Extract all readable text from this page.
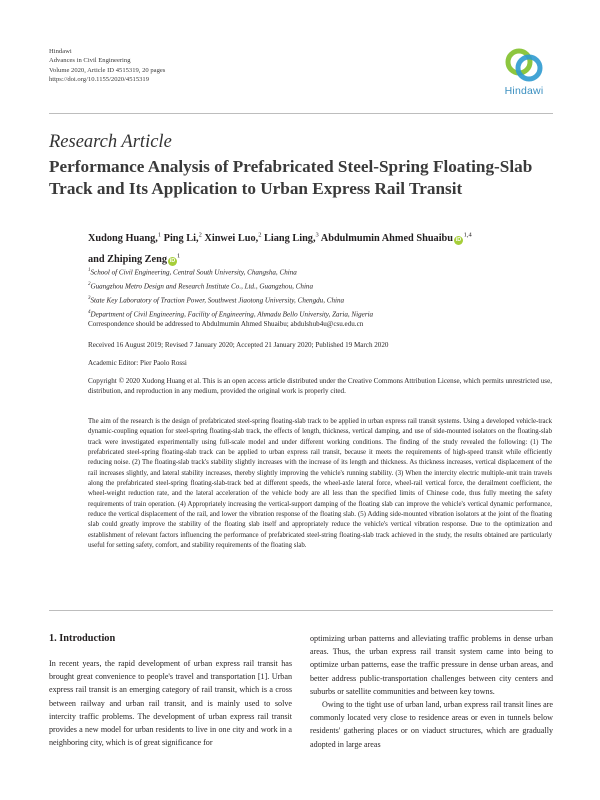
Hindawi
Advances in Civil Engineering
Volume 2020, Article ID 4515319, 20 pages
https://doi.org/10.1155/2020/4515319
Hindawi
Research Article
Performance Analysis of Prefabricated Steel-Spring Floating-Slab Track and Its Application to Urban Express Rail Transit
Xudong Huang,$^1$ Ping Li,$^2$ Xinwei Luo,$^2$ Liang Ling,$^3$ Abdulmumin Ahmed Shuaibu iD $^{1,4}$
and Zhiping Zeng $iD^1$
$^1$School of Civil Engineering, Central South University, Changsha, China
$^2$Guangzhou Metro Design and Research Institute Co., Ltd., Guangzhou, China
$^3$State Key Laboratory of Traction Power, Southwest Jiaotong University, Chengdu, China
$^4$Department of Civil Engineering, Facility of Engineering, Ahmadu Bello University, Zaria, Nigeria
Correspondence should be addressed to Abdulmumin Ahmed Shuaibu; abdulshub4u@csu.edu.cn
Received 16 August 2019; Revised 7 January 2020; Accepted 21 January 2020; Published 19 March 2020
Academic Editor: Pier Paolo Rossi
Copyright © 2020 Xudong Huang et al. This is an open access article distributed under the Creative Commons Attribution License, which permits unrestricted use, distribution, and reproduction in any medium, provided the original work is properly cited.
The aim of the research is the design of prefabricated steel-spring floating-slab track to be applied in urban express rail transit systems. Using a developed vehicle-track dynamic-coupling equation for steel-spring floating-slab track, the effects of length, thickness, vertical damping, and use of side-mounted isolators on the floating-slab track were investigated experimentally using full-scale model and under different working conditions. The finding of the study revealed the following: (1) The prefabricated steel-spring floating-slab track can be applied to urban express rail transit, because it meets the requirements of high-speed transit while efficiently reducing noise. (2) The floating-slab track's stability slightly increases with the increase of its length and thickness. As thickness increases, vertical displacement of the rail increases slightly, and lateral stability increases, thereby slightly improving the vehicle's running stability. (3) When the intercity electric multiple-unit train travels along the prefabricated steel-spring floating-slab-track bed at different speeds, the wheel-axle lateral force, wheel-rail vertical force, the derailment coefficient, the wheel-weight reduction rate, and the lateral acceleration of the vehicle body are all less than the specified limits of Chinese code, thus fully meeting the safety requirements of train operation. (4) Appropriately increasing the vertical-support damping of the floating slab can improve the vehicle's vertical dynamic performance, reduce the vertical displacement of the rail, and lower the vibration response of the floating slab. (5) Adding side-mounted vibration isolators at the joint of the floating slab could greatly improve the stability of the floating slab itself and appropriately reduce the vehicle's vertical vibration response. Due to the optimization and establishment of relevant factors influencing the performance of prefabricated steel-string floating-slab track achieved in the study, the results obtained are particularly useful for setting safety, comfort, and stability requirements of the floating slab.
1. Introduction

In recent years, the rapid development of urban express rail transit has brought great convenience to people's travel and transportation [1]. Urban express rail transit is an emerging category of rail transit, which is a cross between railway and urban rail transit, and is mainly used to solve intercity traffic problems. The development of urban express rail transit provides a new model for urban residents to live in one city and work in a neighboring city, which is of great significance for

optimizing urban patterns and alleviating traffic problems in dense urban areas. Thus, the urban express rail transit system came into being to optimize urban patterns, ease the traffic pressure in dense urban areas, and better address public-transportation challenges between city centers and suburbs or satellite communities and between key towns.

Owing to the tight use of urban land, urban express rail transit lines are commonly located very close to residence areas or even in tunnels below residents' gathering places or on viaduct structures, which are gradually adopted in large areas
